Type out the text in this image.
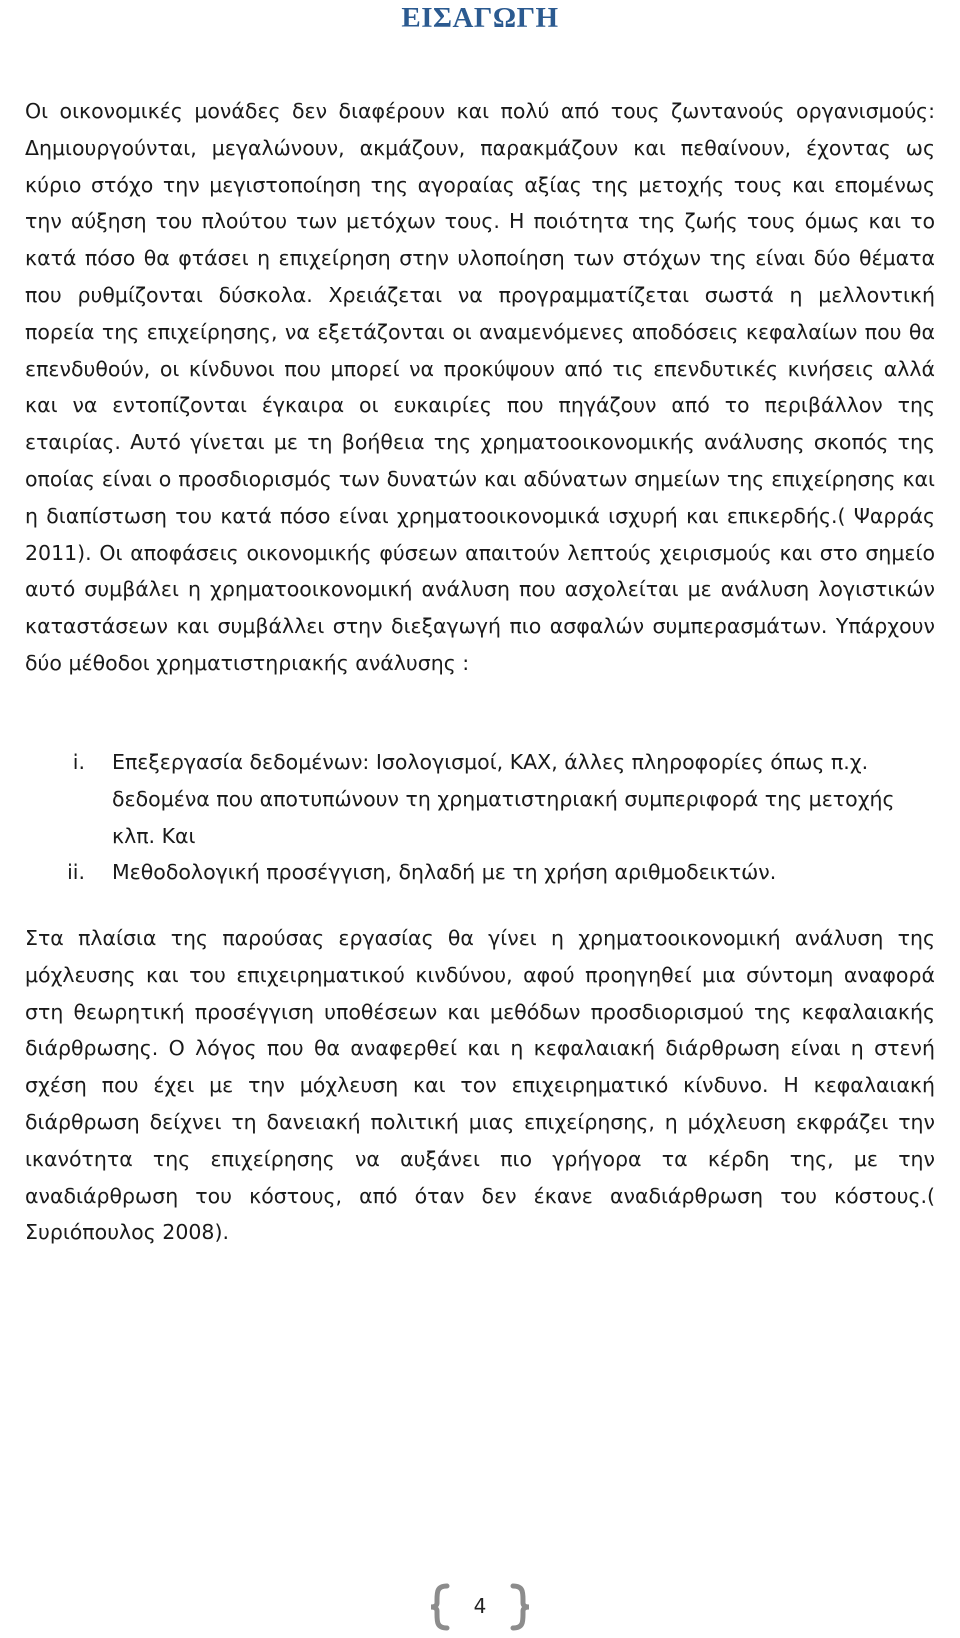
ΕΙΣΑΓΩΓΗ

Οι οικονομικές μονάδες δεν διαφέρουν και πολύ από τους ζωντανούς οργανισμούς: Δημιουργούνται, μεγαλώνουν, ακμάζουν, παρακμάζουν και πεθαίνουν, έχοντας ως κύριο στόχο την μεγιστοποίηση της αγοραίας αξίας της μετοχής τους και επομένως την αύξηση του πλούτου των μετόχων τους. Η ποιότητα της ζωής τους όμως και το κατά πόσο θα φτάσει η επιχείρηση στην υλοποίηση των στόχων της είναι δύο θέματα που ρυθμίζονται δύσκολα. Χρειάζεται να προγραμματίζεται σωστά η μελλοντική πορεία της επιχείρησης, να εξετάζονται οι αναμενόμενες αποδόσεις κεφαλαίων που θα επενδυθούν, οι κίνδυνοι που μπορεί να προκύψουν από τις επενδυτικές κινήσεις αλλά και να εντοπίζονται έγκαιρα οι ευκαιρίες που πηγάζουν από το περιβάλλον της εταιρίας. Αυτό γίνεται με τη βοήθεια της χρηματοοικονομικής ανάλυσης σκοπός της οποίας είναι ο προσδιορισμός των δυνατών και αδύνατων σημείων της επιχείρησης και η διαπίστωση του κατά πόσο είναι χρηματοοικονομικά ισχυρή και επικερδής.( Ψαρράς 2011). Οι αποφάσεις οικονομικής φύσεων απαιτούν λεπτούς χειρισμούς και στο σημείο αυτό συμβάλει η χρηματοοικονομική ανάλυση που ασχολείται με ανάλυση λογιστικών καταστάσεων και συμβάλλει στην διεξαγωγή πιο ασφαλών συμπερασμάτων. Υπάρχουν δύο μέθοδοι χρηματιστηριακής ανάλυσης :

i. Επεξεργασία δεδομένων: Ισολογισμοί, ΚΑΧ, άλλες πληροφορίες όπως π.χ. δεδομένα που αποτυπώνουν τη χρηματιστηριακή συμπεριφορά της μετοχής κλπ. Και
ii. Μεθοδολογική προσέγγιση, δηλαδή με τη χρήση αριθμοδεικτών.

Στα πλαίσια της παρούσας εργασίας θα γίνει η χρηματοοικονομική ανάλυση της μόχλευσης και του επιχειρηματικού κινδύνου, αφού προηγηθεί μια σύντομη αναφορά στη θεωρητική προσέγγιση υποθέσεων και μεθόδων προσδιορισμού της κεφαλαιακής διάρθρωσης. Ο λόγος που θα αναφερθεί και η κεφαλαιακή διάρθρωση είναι η στενή σχέση που έχει με την μόχλευση και τον επιχειρηματικό κίνδυνο. Η κεφαλαιακή διάρθρωση δείχνει τη δανειακή πολιτική μιας επιχείρησης, η μόχλευση εκφράζει την ικανότητα της επιχείρησης να αυξάνει πιο γρήγορα τα κέρδη της, με την αναδιάρθρωση του κόστους, από όταν δεν έκανε αναδιάρθρωση του κόστους.( Συριόπουλος 2008).

4
